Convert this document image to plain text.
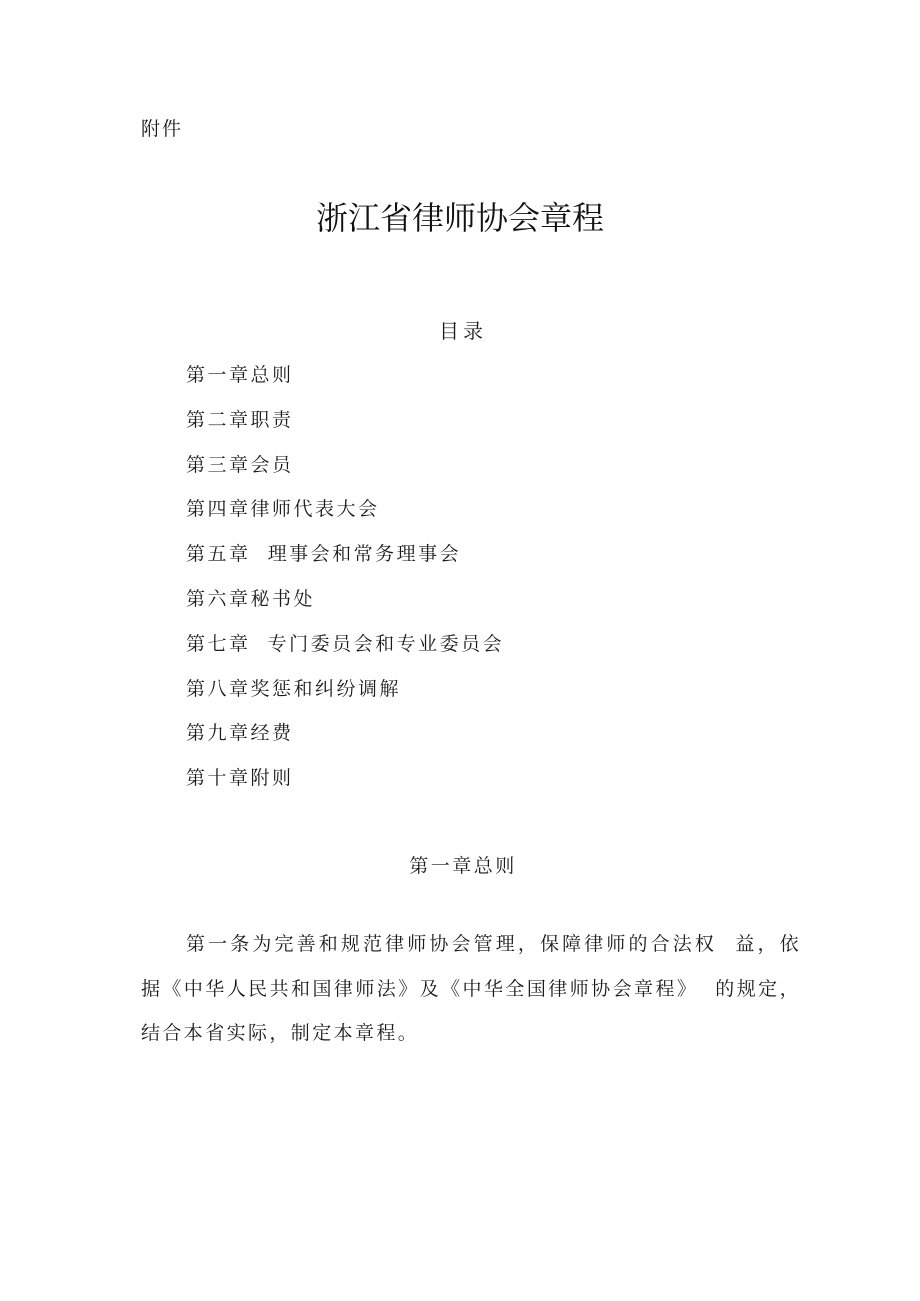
附件
浙江省律师协会章程
目录
第一章总则
第二章职责
第三章会员
第四章律师代表大会
第五章  理事会和常务理事会
第六章秘书处
第七章  专门委员会和专业委员会
第八章奖惩和纠纷调解
第九章经费
第十章附则
第一章总则

第一条为完善和规范律师协会管理，保障律师的合法权  益，依据《中华人民共和国律师法》及《中华全国律师协会章程》  的规定，结合本省实际，制定本章程。
